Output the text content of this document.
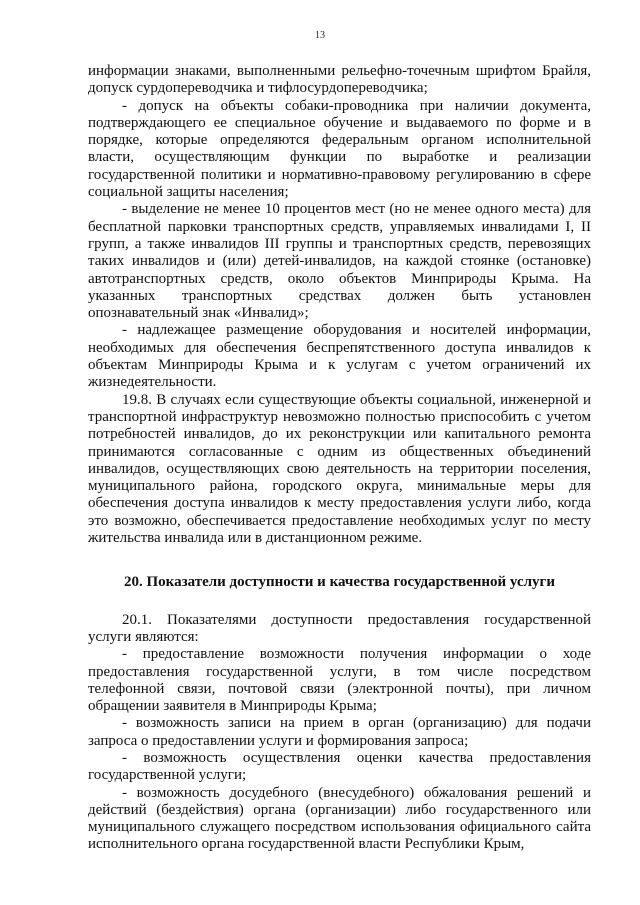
13

информации знаками, выполненными рельефно-точечным шрифтом Брайля, допуск сурдопереводчика и тифлосурдопереводчика;

- допуск на объекты собаки-проводника при наличии документа, подтверждающего ее специальное обучение и выдаваемого по форме и в порядке, которые определяются федеральным органом исполнительной власти, осуществляющим функции по выработке и реализации государственной политики и нормативно-правовому регулированию в сфере социальной защиты населения;

- выделение не менее 10 процентов мест (но не менее одного места) для бесплатной парковки транспортных средств, управляемых инвалидами I, II групп, а также инвалидов III группы и транспортных средств, перевозящих таких инвалидов и (или) детей-инвалидов, на каждой стоянке (остановке) автотранспортных средств, около объектов Минприроды Крыма. На указанных транспортных средствах должен быть установлен опознавательный знак «Инвалид»;

- надлежащее размещение оборудования и носителей информации, необходимых для обеспечения беспрепятственного доступа инвалидов к объектам Минприроды Крыма и к услугам с учетом ограничений их жизнедеятельности.

19.8. В случаях если существующие объекты социальной, инженерной и транспортной инфраструктур невозможно полностью приспособить с учетом потребностей инвалидов, до их реконструкции или капитального ремонта принимаются согласованные с одним из общественных объединений инвалидов, осуществляющих свою деятельность на территории поселения, муниципального района, городского округа, минимальные меры для обеспечения доступа инвалидов к месту предоставления услуги либо, когда это возможно, обеспечивается предоставление необходимых услуг по месту жительства инвалида или в дистанционном режиме.

20. Показатели доступности и качества государственной услуги

20.1. Показателями доступности предоставления государственной услуги являются:

- предоставление возможности получения информации о ходе предоставления государственной услуги, в том числе посредством телефонной связи, почтовой связи (электронной почты), при личном обращении заявителя в Минприроды Крыма;

- возможность записи на прием в орган (организацию) для подачи запроса о предоставлении услуги и формирования запроса;

- возможность осуществления оценки качества предоставления государственной услуги;

- возможность досудебного (внесудебного) обжалования решений и действий (бездействия) органа (организации) либо государственного или муниципального служащего посредством использования официального сайта исполнительного органа государственной власти Республики Крым,
